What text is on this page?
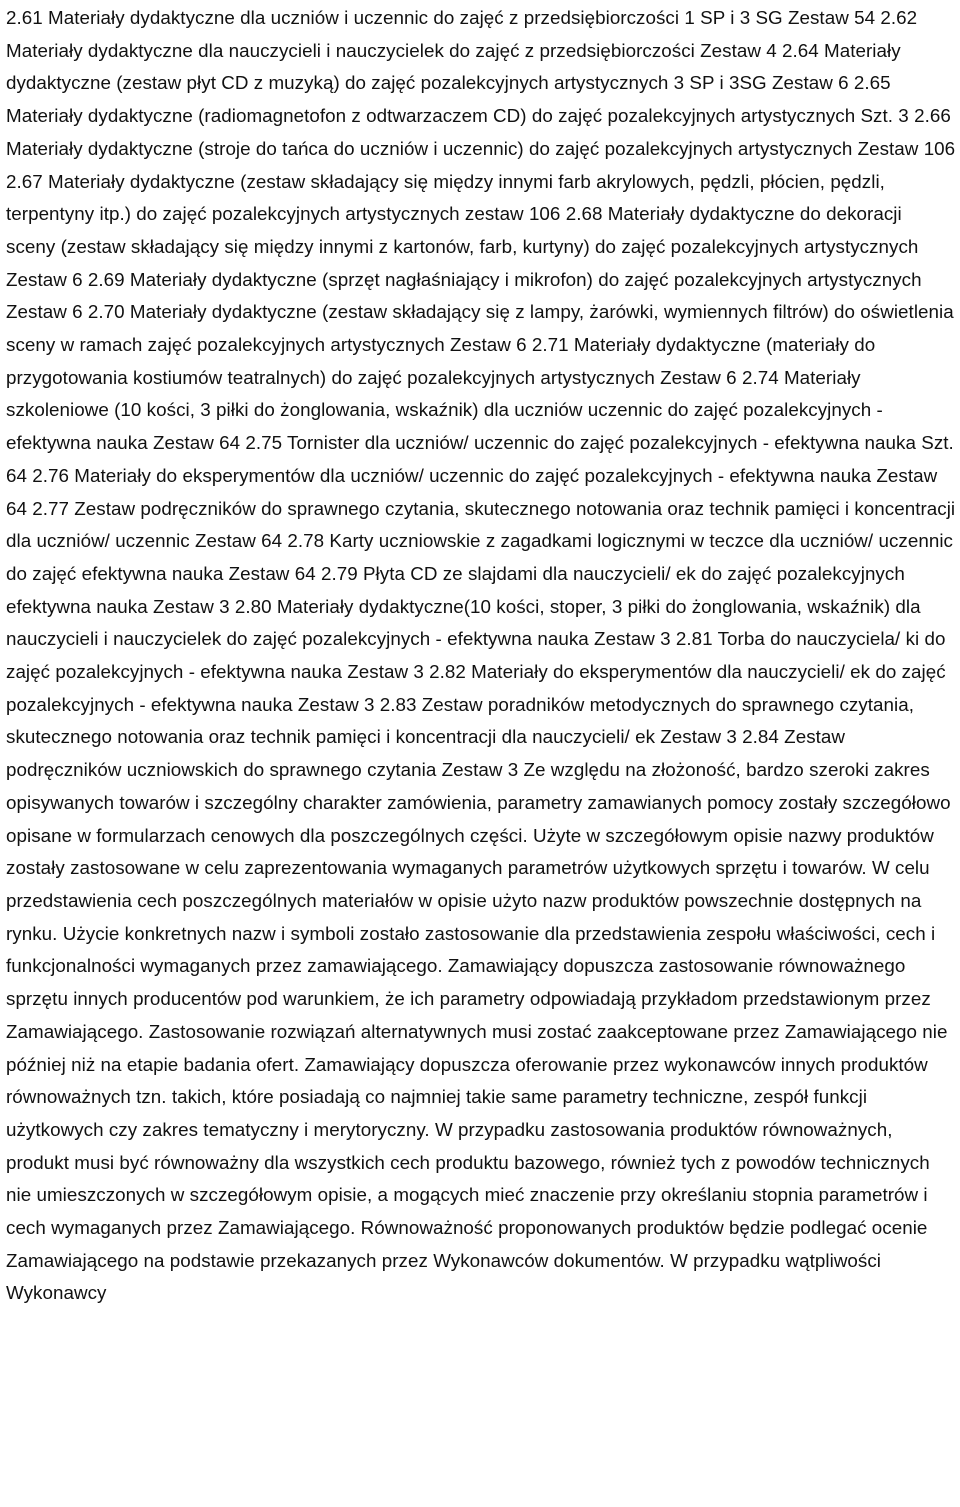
2.61 Materiały dydaktyczne dla uczniów i uczennic do zajęć z przedsiębiorczości 1 SP i 3 SG Zestaw 54 2.62 Materiały dydaktyczne dla nauczycieli i nauczycielek do zajęć z przedsiębiorczości Zestaw 4 2.64 Materiały dydaktyczne (zestaw płyt CD z muzyką) do zajęć pozalekcyjnych artystycznych 3 SP i 3SG Zestaw 6 2.65 Materiały dydaktyczne (radiomagnetofon z odtwarzaczem CD) do zajęć pozalekcyjnych artystycznych Szt. 3 2.66 Materiały dydaktyczne (stroje do tańca do uczniów i uczennic) do zajęć pozalekcyjnych artystycznych Zestaw 106 2.67 Materiały dydaktyczne (zestaw składający się między innymi farb akrylowych, pędzli, płócien, pędzli, terpentyny itp.) do zajęć pozalekcyjnych artystycznych zestaw 106 2.68 Materiały dydaktyczne do dekoracji sceny (zestaw składający się między innymi z kartonów, farb, kurtyny) do zajęć pozalekcyjnych artystycznych Zestaw 6 2.69 Materiały dydaktyczne (sprzęt nagłaśniający i mikrofon) do zajęć pozalekcyjnych artystycznych Zestaw 6 2.70 Materiały dydaktyczne (zestaw składający się z lampy, żarówki, wymiennych filtrów) do oświetlenia sceny w ramach zajęć pozalekcyjnych artystycznych Zestaw 6 2.71 Materiały dydaktyczne (materiały do przygotowania kostiumów teatralnych) do zajęć pozalekcyjnych artystycznych Zestaw 6 2.74 Materiały szkoleniowe (10 kości, 3 piłki do żonglowania, wskaźnik) dla uczniów uczennic do zajęć pozalekcyjnych - efektywna nauka Zestaw 64 2.75 Tornister dla uczniów/ uczennic do zajęć pozalekcyjnych - efektywna nauka Szt. 64 2.76 Materiały do eksperymentów dla uczniów/ uczennic do zajęć pozalekcyjnych - efektywna nauka Zestaw 64 2.77 Zestaw podręczników do sprawnego czytania, skutecznego notowania oraz technik pamięci i koncentracji dla uczniów/ uczennic Zestaw 64 2.78 Karty uczniowskie z zagadkami logicznymi w teczce dla uczniów/ uczennic do zajęć efektywna nauka Zestaw 64 2.79 Płyta CD ze slajdami dla nauczycieli/ ek do zajęć pozalekcyjnych efektywna nauka Zestaw 3 2.80 Materiały dydaktyczne(10 kości, stoper, 3 piłki do żonglowania, wskaźnik) dla nauczycieli i nauczycielek do zajęć pozalekcyjnych - efektywna nauka Zestaw 3 2.81 Torba do nauczyciela/ ki do zajęć pozalekcyjnych - efektywna nauka Zestaw 3 2.82 Materiały do eksperymentów dla nauczycieli/ ek do zajęć pozalekcyjnych - efektywna nauka Zestaw 3 2.83 Zestaw poradników metodycznych do sprawnego czytania, skutecznego notowania oraz technik pamięci i koncentracji dla nauczycieli/ ek Zestaw 3 2.84 Zestaw podręczników uczniowskich do sprawnego czytania Zestaw 3 Ze względu na złożoność, bardzo szeroki zakres opisywanych towarów i szczególny charakter zamówienia, parametry zamawianych pomocy zostały szczegółowo opisane w formularzach cenowych dla poszczególnych części. Użyte w szczegółowym opisie nazwy produktów zostały zastosowane w celu zaprezentowania wymaganych parametrów użytkowych sprzętu i towarów. W celu przedstawienia cech poszczególnych materiałów w opisie użyto nazw produktów powszechnie dostępnych na rynku. Użycie konkretnych nazw i symboli zostało zastosowanie dla przedstawienia zespołu właściwości, cech i funkcjonalności wymaganych przez zamawiającego. Zamawiający dopuszcza zastosowanie równoważnego sprzętu innych producentów pod warunkiem, że ich parametry odpowiadają przykładom przedstawionym przez Zamawiającego. Zastosowanie rozwiązań alternatywnych musi zostać zaakceptowane przez Zamawiającego nie później niż na etapie badania ofert. Zamawiający dopuszcza oferowanie przez wykonawców innych produktów równoważnych tzn. takich, które posiadają co najmniej takie same parametry techniczne, zespół funkcji użytkowych czy zakres tematyczny i merytoryczny. W przypadku zastosowania produktów równoważnych, produkt musi być równoważny dla wszystkich cech produktu bazowego, również tych z powodów technicznych nie umieszczonych w szczegółowym opisie, a mogących mieć znaczenie przy określaniu stopnia parametrów i cech wymaganych przez Zamawiającego. Równoważność proponowanych produktów będzie podlegać ocenie Zamawiającego na podstawie przekazanych przez Wykonawców dokumentów. W przypadku wątpliwości Wykonawcy
